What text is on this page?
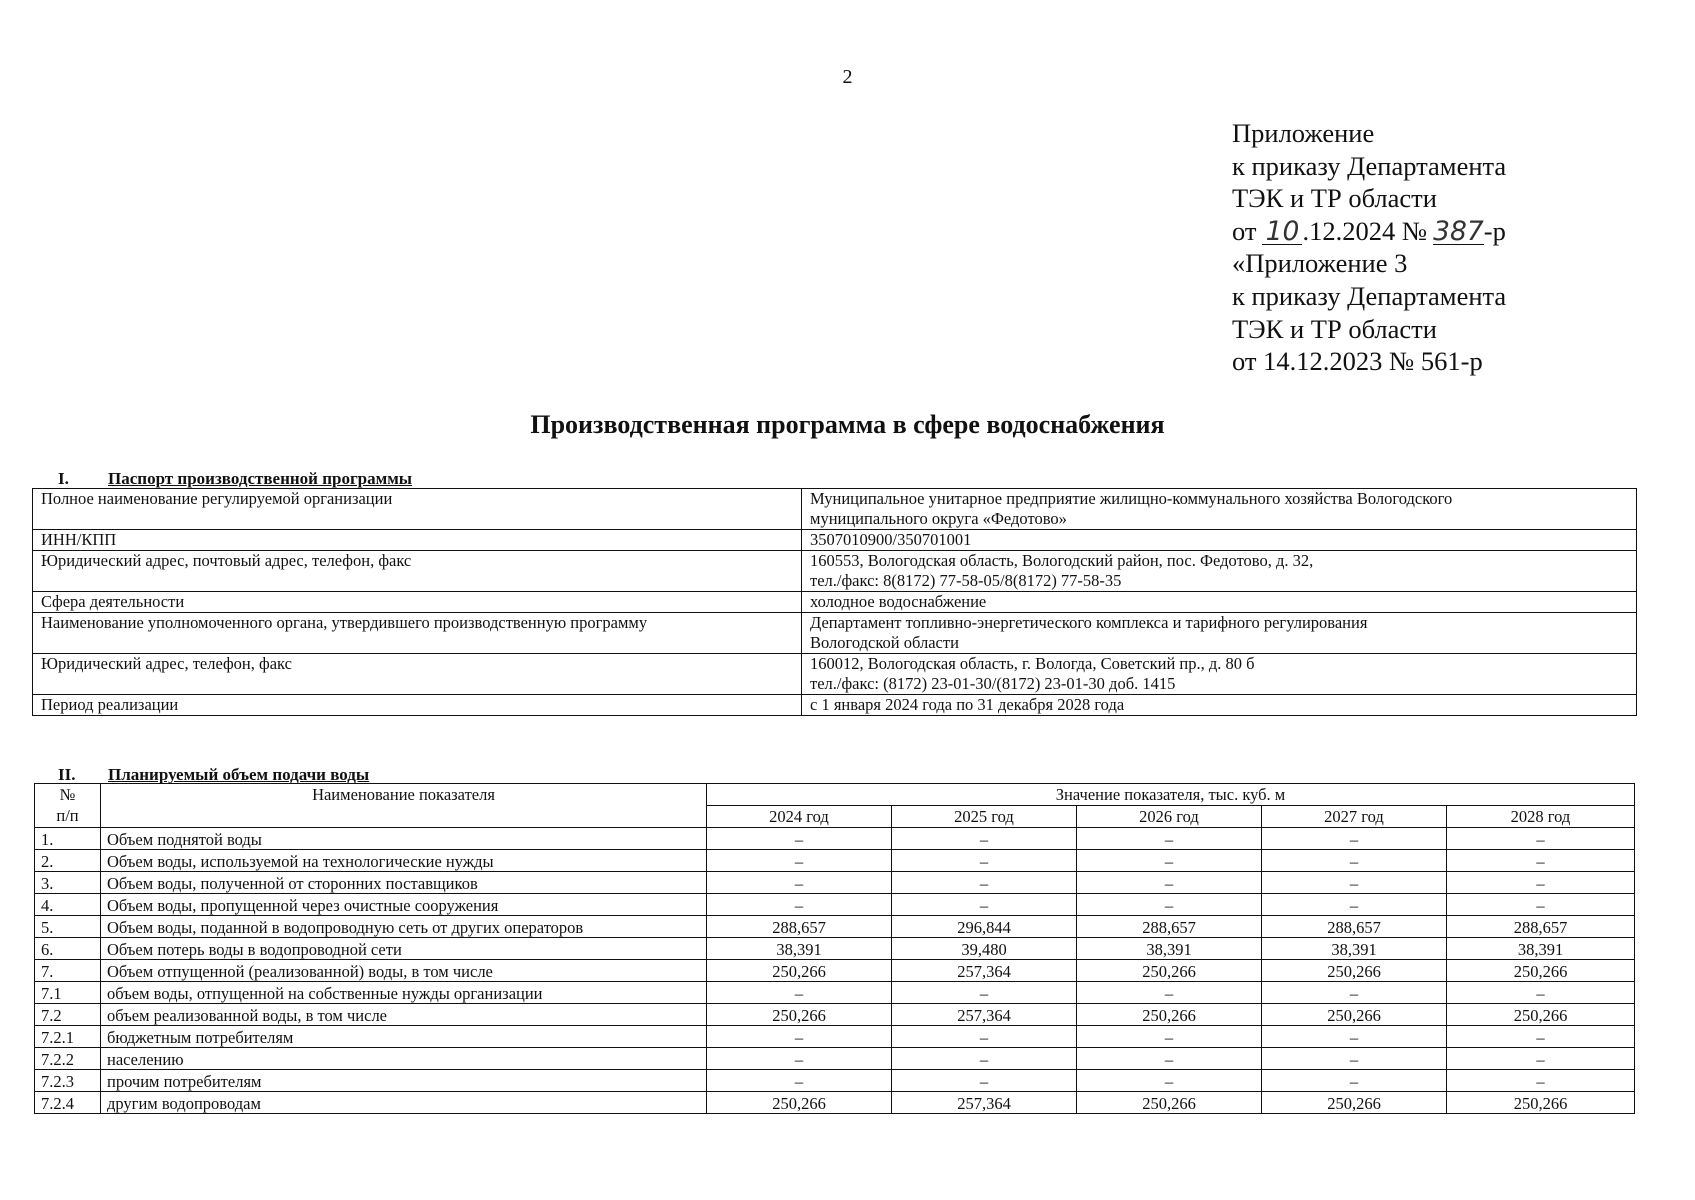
2
Приложение
к приказу Департамента
ТЭК и ТР области
от 10 .12.2024 № 387-р
«Приложение 3
к приказу Департамента
ТЭК и ТР области
от 14.12.2023 № 561-р
Производственная программа в сфере водоснабжения
I. Паспорт производственной программы
Полное наименование регулируемой организации	Муниципальное унитарное предприятие жилищно-коммунального хозяйства Вологодского
муниципального округа «Федотово»

ИНН/КПП	3507010900/350701001

Юридический адрес, почтовый адрес, телефон, факс	160553, Вологодская область, Вологодский район, пос. Федотово, д. 32,
тел./факс: 8(8172) 77-58-05/8(8172) 77-58-35

Сфера деятельности	холодное водоснабжение

Наименование уполномоченного органа, утвердившего производственную программу	Департамент топливно-энергетического комплекса и тарифного регулирования
Вологодской области

Юридический адрес, телефон, факс	160012, Вологодская область, г. Вологда, Советский пр., д. 80 б
тел./факс: (8172) 23-01-30/(8172) 23-01-30 доб. 1415

Период реализации	с 1 января 2024 года по 31 декабря 2028 года
II. Планируемый объем подачи воды
№
п/п	Наименование показателя	Значение показателя, тыс. куб. м				
		2024 год	2025 год	2026 год	2027 год	2028 год
1.	Объем поднятой воды	–	–	–	–	–
2.	Объем воды, используемой на технологические нужды	–	–	–	–	–
3.	Объем воды, полученной от сторонних поставщиков	–	–	–	–	–
4.	Объем воды, пропущенной через очистные сооружения	–	–	–	–	–
5.	Объем воды, поданной в водопроводную сеть от других операторов	288,657	296,844	288,657	288,657	288,657
6.	Объем потерь воды в водопроводной сети	38,391	39,480	38,391	38,391	38,391
7.	Объем отпущенной (реализованной) воды, в том числе	250,266	257,364	250,266	250,266	250,266
7.1	объем воды, отпущенной на собственные нужды организации	–	–	–	–	–
7.2	объем реализованной воды, в том числе	250,266	257,364	250,266	250,266	250,266
7.2.1	бюджетным потребителям	–	–	–	–	–
7.2.2	населению	–	–	–	–	–
7.2.3	прочим потребителям	–	–	–	–	–
7.2.4	другим водопроводам	250,266	257,364	250,266	250,266	250,266
